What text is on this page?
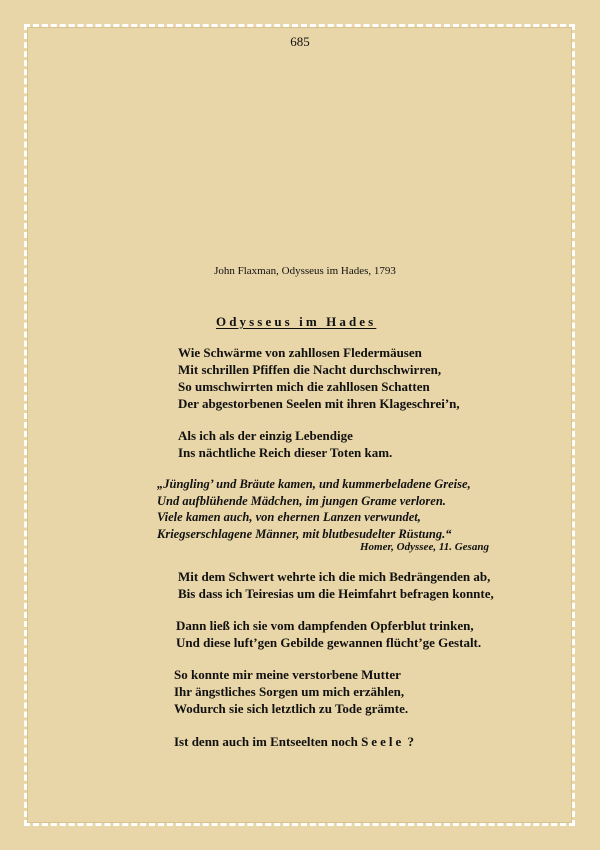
685
John Flaxman, Odysseus im Hades, 1793
Odysseus im Hades
Wie Schwärme von zahllosen Fledermäusen
Mit schrillen Pfiffen die Nacht durchschwirren,
So umschwirrten mich die zahllosen Schatten
Der abgestorbenen Seelen mit ihren Klageschrei’n,
Als ich als der einzig Lebendige
Ins nächtliche Reich dieser Toten kam.
„Jüngling’ und Bräute kamen, und kummerbeladene Greise,
Und aufblühende Mädchen, im jungen Grame verloren.
Viele kamen auch, von ehernen Lanzen verwundet,
Kriegserschlagene Männer, mit blutbesudelter Rüstung.“
Homer, Odyssee, 11. Gesang
Mit dem Schwert wehrte ich die mich Bedrängenden ab,
Bis dass ich Teiresias um die Heimfahrt befragen konnte,
Dann ließ ich sie vom dampfenden Opferblut trinken,
Und diese luft’gen Gebilde gewannen flücht’ge Gestalt.
So konnte mir meine verstorbene Mutter
Ihr ängstliches Sorgen um mich erzählen,
Wodurch sie sich letztlich zu Tode grämte.
Ist denn auch im Entseelten noch Seele ?
